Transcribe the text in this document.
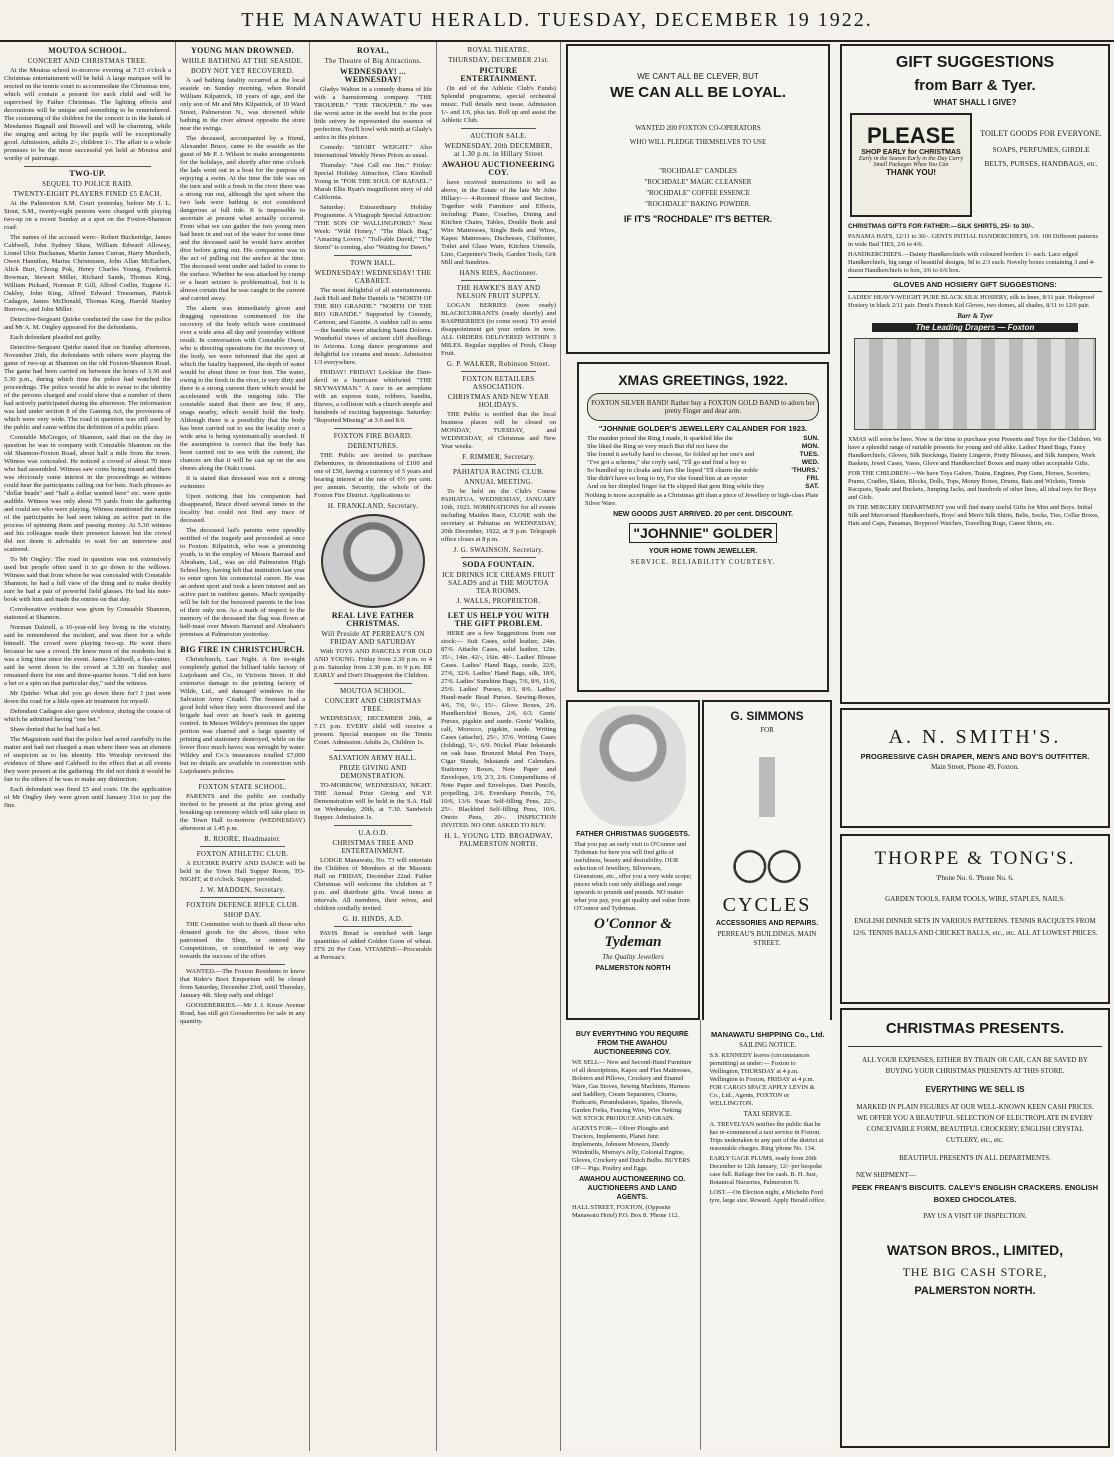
THE MANAWATU HERALD. TUESDAY, DECEMBER 19 1922.
MOUTOA SCHOOL.
CONCERT AND CHRISTMAS TREE.

At the Moutoa school to-morrow evening at 7.15 o'clock a Christmas entertainment will be held. A large marquee will be erected on the tennis court to accommodate the Christmas tree, which will contain a present for each child and will be supervised by Father Christmas. The lighting effects and decorations will be unique and something to be remembered. The costuming of the children for the concert is in the hands of Mesdames Bagnall and Boswell and will be charming, while the singing and acting by the pupils will be exceptionally good. Admission, adults 2/-, children 1/-. The affair is a whole promises to be the most successful yet held at Moutoa and worthy of patronage.

TWO-UP.
SEQUEL TO POLICE RAID.
TWENTY-EIGHT PLAYERS FINED £5 EACH.

At the Palmerston S.M. Court yesterday, before Mr J. L. Stout, S.M., twenty-eight persons were charged with playing two-up on a recent Sunday at a spot on the Foxton-Shannon road.

The names of the accused were:- Robert Buckeridge, James Caldwell, John Sydney Shaw, William Edward Alloway, Lionel Ulric Buchanan, Martin James Curran, Harry Murdoch, Owen Hannifan, Marius Christensen, John Allan McEachen, Alick Burr, Chong Pok, Henry Charles Young, Frederick Bowman, Stewart Miller, Richard Sands, Thomas King, William Pickard, Norman P. Gill, Alfred Codlin, Eugene G. Oakley, John King, Alfred Edward Tresseman, Patrick Cadagon, James McDonald, Thomas King, Harold Stanley Burrows, and John Miller.

Detective-Sergeant Quirke conducted the case for the police and Mr A. M. Ongley appeared for the defendants.

Each defendant pleaded not guilty.

Detective-Sergeant Quirke stated that on Sunday afternoon, November 26th, the defendants with others were playing the game of two-up at Shannon on the old Foxton-Shannon Road. The game had been carried on between the hours of 3.30 and 5.30 p.m., during which time the police had watched the proceedings. The police would be able to swear to the identity of the persons charged and could show that a number of them had actively participated during the afternoon. The information was laid under section 8 of the Gaming Act, the provisions of which were very wide. The road in question was still used by the public and came within the definition of a public place.

Constable McGregor, of Shannon, said that on the day in question he was in company with Constable Shannon on the old Shannon-Foxton Road, about half a mile from the town. Witness was concealed. He noticed a crowd of about 70 men who had assembled. Witness saw coins being tossed and there was obviously some interest in the proceedings as witness could hear the participants calling out for bets. Such phrases as "dollar heads" and "half a dollar wanted here" etc. were quite audible. Witness was only about 75 yards from the gathering and could see who were playing. Witness mentioned the names of the participants he had seen taking an active part in the process of spinning them and passing money. At 5.30 witness and his colleague made their presence known but the crowd did not deem it advisable to wait for an interview and scattered.

To Mr Ongley: The road in question was not extensively used but people often used it to go down to the willows. Witness said that from where he was concealed with Constable Shannon, he had a full view of the thing and to make doubly sure he had a pair of powerful field glasses. He had his note-book with him and made the entries on that day.

Corroborative evidence was given by Constable Shannon, stationed at Shannon.

Norman Dalziell, a 16-year-old boy living in the vicinity, said he remembered the incident, and was there for a while himself. The crowd were playing two-up. He went there because he saw a crowd. He knew most of the residents but it was a long time since the event. James Caldwell, a flax-cutter, said he went down to the crowd at 3.30 on Sunday and remained there for one and three-quarter hours. "I did not have a bet or a spin on that particular day," said the witness.

Mr Quirke: What did you go down there for? I just went down the road for a little open air treatment for myself.

Defendant Cadagon also gave evidence, during the course of which he admitted having "one bet."

Shaw denied that he had had a bet.

The Magistrate said that the police had acted carefully in the matter and had not charged a man where there was an element of suspicion as to his identity. His Worship reviewed the evidence of Shaw and Caldwell to the effect that at all events they were present at the gathering. He did not think it would be fair to the others if he was to make any distinction.

Each defendant was fined £5 and costs. On the application of Mr Ongley they were given until January 31st to pay the fine.

YOUNG MAN DROWNED.
WHILE BATHING AT THE SEASIDE.
BODY NOT YET RECOVERED.

A sad bathing fatality occurred at the local seaside on Sunday morning, when Ronald William Kilpatrick, 18 years of age, and the only son of Mr and Mrs Kilpatrick, of 10 Ward Street, Palmerston N., was drowned while bathing in the river almost opposite the store near the swings.

The deceased, accompanied by a friend, Alexander Bruce, came to the seaside as the guest of Mr P. J. Wilson to make arrangements for the holidays, and shortly after nine o'clock the lads went out in a boat for the purpose of enjoying a swim. At the time the tide was on the turn and with a fresh in the river there was a strong run out, although the spot where the two lads were bathing is not considered dangerous at full tide. It is impossible to ascertain at present what actually occurred. From what we can gather the two young men had been in and out of the water for some time and the deceased said he would have another dive before going out. His companion was in the act of pulling out the anchor at the time. The deceased went under and failed to come to the surface. Whether he was attacked by cramp or a heart seizure is problematical, but it is almost certain that he was caught in the current and carried away.

The alarm was immediately given and dragging operations commenced for the recovery of the body which were continued over a wide area all day and yesterday without result. In conversation with Constable Owen, who is directing operations for the recovery of the body, we were informed that the spot at which the fatality happened, the depth of water would be about three or four feet. The water, owing to the fresh in the river, is very dirty and there is a strong current there which would be accelerated with the outgoing tide. The constable stated that there are few, if any, snags nearby, which would hold the body. Although there is a possibility that the body has been carried out to sea the locality over a wide area is being systematically searched. If the assumption is correct that the body has been carried out to sea with the current, the chances are that it will be cast up on the sea shores along the Otaki coast.

It is stated that deceased was not a strong swimmer.

Upon noticing that his companion had disappeared, Bruce dived several times in the locality but could not find any trace of deceased.

The deceased lad's parents were speedily notified of the tragedy and proceeded at once to Foxton. Kilpatrick, who was a promising youth, is in the employ of Messrs Barraud and Abraham, Ltd., was an old Palmerston High School boy, having left that institution last year to enter upon his commercial career. He was an ardent sport and took a keen interest and an active part in outdoor games. Much sympathy will be felt for the bereaved parents in the loss of their only son. As a mark of respect to the memory of the deceased the flag was flown at half-mast over Messrs Barraud and Abraham's premises at Palmerston yesterday.

BIG FIRE IN CHRISTCHURCH.

Christchurch, Last Night. A fire to-night completely gutted the billiard table factory of Lutjohann and Co., in Victoria Street. It did extensive damage to the printing factory of Wilde, Ltd., and damaged windows in the Salvation Army Citadel. The firemen had a good hold when they were discovered and the brigade had over an hour's task in gaining control. In Messrs Wildey's premises the upper portion was charred and a large quantity of printing and stationery destroyed, while on the lower floor much havoc was wrought by water. Wildey and Co.'s insurances totalled £7,000 but no details are available in connection with Lutjohann's policies.

FOXTON STATE SCHOOL.

PARENTS and the public are cordially invited to be present at the prize giving and breaking-up ceremony which will take place in the Town Hall to-morrow (WEDNESDAY) afternoon at 1.45 p.m.

R. ROORE, Headmaster.
FOXTON ATHLETIC CLUB.

A EUCHRE PARTY AND DANCE will be held in the Town Hall Supper Room, TO-NIGHT, at 8 o'clock. Supper provided.

J. W. MADDEN, Secretary.
FOXTON DEFENCE RIFLE CLUB.
SHOP DAY.

THE Committee wish to thank all those who donated goods for the above, those who patronised the Shop, or entered the Competitions, or contributed in any way towards the success of the effort.

WANTED.—The Foxton Residents to know that Rider's Boot Emporium will be closed from Saturday, December 23rd, until Thursday, January 4th. Shop early and oblige!

GOOSEBERRIES.—Mr J. J. Kruze Avenue Road, has still got Gooseberries for sale in any quantity.

ROYAL,
The Theatre of Big Attractions.
WEDNESDAY! ... WEDNESDAY!

Gladys Walton in a comedy drama of life with a barnstorming company. "THE TROUPER." "THE TROUPER." He was the worst actor in the world but to the poor little snivey he represented the essence of perfection. You'll howl with mirth at Glady's antics in this picture.

Comedy: "SHORT WEIGHT." Also International Weekly News Prices as usual.

Thursday: "Just Call me Jim." Friday: Special Holiday Attraction, Clara Kimball Young in "FOR THE SOUL OF RAFAEL." Marah Ellis Ryan's magnificent story of old California.

Saturday: Extraordinary Holiday Programme. A Vitagraph Special Attraction: "THE SON OF WALLINGFORD." Next Week: "Wild Honey," "The Black Bag," "Amazing Lovers," "Toll-able David," "The Storm" is coming, also "Waiting for Dawn."

TOWN HALL.
WEDNESDAY! WEDNESDAY! THE CABARET.

The most delightful of all entertainments. Jack Holt and Bebe Daniels in "NORTH OF THE RIO GRANDE." "NORTH OF THE RIO GRANDE." Supported by Comedy, Cartoon, and Gazette. A sudden call to arms—the bandits were attacking Santa Dolores. Wonderful views of ancient cliff dwellings in Arizona. Long dance programme and delightful ice creams and music. Admission 1/3 everywhere.

FRIDAY! FRIDAY! Locklear the Dare-devil in a hurricane whirlwind "THE SKYWAYMAN." A race in an aeroplane with an express train, robbers, bandits, thieves, a collision with a church steeple and hundreds of exciting happenings. Saturday: "Reported Missing" at 3.0 and 8.0.

FOXTON FIRE BOARD.
DEBENTURES.

THE Public are invited to purchase Debentures, in denominations of £100 and one of £50, having a currency of 5 years and bearing interest at the rate of 6½ per cent. per annum. Security, the whole of the Foxton Fire District. Applications to

H. FRANKLAND, Secretary.
REAL LIVE FATHER CHRISTMAS.
Will Preside AT PERREAU'S ON FRIDAY AND SATURDAY

With TOYS AND PARCELS FOR OLD AND YOUNG. Friday from 2.30 p.m. to 4 p.m. Saturday from 2.30 p.m. to 9 p.m. BE EARLY and Don't Disappoint the Children.

MOUTOA SCHOOL.
CONCERT AND CHRISTMAS TREE.

WEDNESDAY, DECEMBER 20th, at 7.15 p.m. EVERY child will receive a present. Special marquee on the Tennis Court. Admission: Adults 2s, Children 1s.

SALVATION ARMY HALL.
PRIZE GIVING AND DEMONSTRATION.

TO-MORROW, WEDNESDAY, NIGHT. THE Annual Prize Giving and Y.P. Demonstration will be held in the S.A. Hall on Wednesday, 20th, at 7.30. Sandwich Supper. Admission 1s.

U.A.O.D.
CHRISTMAS TREE AND ENTERTAINMENT.

LODGE Manawatu, No. 73 will entertain the Children of Members at the Masonic Hall on FRIDAY, December 22nd. Father Christmas will welcome the children at 7 p.m. and distribute gifts. Vocal items at intervals. All members, their wives, and children cordially invited.

G. H. HINDS, A.D.

PAVIS Bread is enriched with large quantities of added Golden Goon of wheat. IT'S 20 Per Cent. VITAMINE—Procurable at Perreau's.

ROYAL THEATRE.
THURSDAY, DECEMBER 21st.
PICTURE ENTERTAINMENT.

(In aid of the Athletic Club's Funds) Splendid programme, special orchestral music. Full details next issue. Admission 1/- and 1/6, plus tax. Roll up and assist the Athletic Club.

AUCTION SALE.
WEDNESDAY, 20th DECEMBER, at 1.30 p.m. in Hillary Street
AWAHOU AUCTIONEERING COY.

have received instructions to sell as above, in the Estate of the late Mr John Hillary:— 4-Roomed House and Section, Together with Furniture and Effects, including: Piano, Couches, Dining and Kitchen Chairs, Tables, Double Beds and Wire Mattresses, Single Beds and Wires, Kapoc Mattresses, Duchesses, Chiffonier, Toilet and Glass Ware, Kitchen Utensils, Lino, Carpenter's Tools, Garden Tools, Grit Mill and Sundries.

HANS RIES, Auctioneer.
THE HAWKE'S BAY AND NELSON FRUIT SUPPLY.

LOGAN BERRIES (now ready) BLACKCURRANTS (ready shortly) and RASPBERRIES (to come soon). TO avoid disappointment get your orders in now. ALL ORDERS DELIVERED WITHIN 3 MILES. Regular supplies of Fresh, Cheap Fruit.

G. P. WALKER, Robinson Street.
FOXTON RETAILERS ASSOCIATION.
CHRISTMAS AND NEW YEAR HOLIDAYS.

THE Public is notified that the local business places will be closed on MONDAY, TUESDAY, and WEDNESDAY, of Christmas and New Year weeks.

F. RIMMER, Secretary.
PAHIATUA RACING CLUB.
ANNUAL MEETING.

To be held on the Club's Course PAHIATUA. WEDNESDAY, JANUARY 10th, 1923. NOMINATIONS for all events including Maiden Race, CLOSE with the secretary at Pahiatua on WEDNESDAY, 20th December, 1922, at 9 p.m. Telegraph office closes at 8 p.m.

J. G. SWAINSON, Secretary.
SODA FOUNTAIN.
ICE DRINKS ICE CREAMS FRUIT SALADS and at THE MOUTOA TEA ROOMS.
J. WALLS, PROPRIETOR.
LET US HELP YOU WITH THE GIFT PROBLEM.

HERE are a few Suggestions from our stock:— Suit Cases, solid leather, 24in. 87/6. Attache Cases, solid leather, 12in. 35/-, 14in. 42/-, 16in. 48/-. Ladies' Blouse Cases. Ladies' Hand Bags, suede, 22/6, 27/6, 32/6. Ladies' Hand Bags, silk, 18/6, 27/6. Ladies' Sunshine Bags, 7/6, 8/6, 11/6, 25/6. Ladies' Purses, 8/3, 8/6. Ladies' Hand-made Bead Purses. Sewing-Boxes, 4/6, 7/6, 9/-, 15/-. Glove Boxes, 2/6. Handkerchief Boxes, 2/6, 6/3. Gents' Purses, pigskin and suede. Gents' Wallets, calf, Morocco, pigskin, suede. Writing Cases (attache), 25/-, 37/6. Writing Cases (folding), 5/-, 6/9. Nickel Plate Inkstands on oak base. Bronzed Metal Pen Trays, Cigar Stands, Inkstands and Calendars. Stationery Boxes, Note Paper and Envelopes, 1/9, 2/3, 2/6. Compendiums of Note Paper and Envelopes. Dart Pencils, propelling, 2/6. Eversharp Pencils, 7/6, 10/6, 13/6. Swan Self-filling Pens, 22/-, 25/-. Blackbird Self-filling Pens, 10/6. Onoto Pens, 20/-. INSPECTION INVITED. NO ONE ASKED TO BUY.

H. L. YOUNG LTD. BROADWAY, PALMERSTON NORTH.

WE CAN'T ALL BE CLEVER, BUT

WE CAN ALL BE LOYAL.

WANTED 200 FOXTON CO-OPERATORS WHO WILL PLEDGE THEMSELVES TO USE

"ROCHDALE" CANDLES

"ROCHDALE" MAGIC CLEANSER

"ROCHDALE" COFFEE ESSENCE

"ROCHDALE" BAKING POWDER.

IF IT'S "ROCHDALE" IT'S BETTER.

XMAS GREETINGS, 1922.

FOXTON SILVER BAND! Rather buy a FOXTON GOLD BAND to adorn her pretty Finger and dear arm.

"JOHNNIE GOLDER'S JEWELLERY CALANDER FOR 1923.

The maiden prized the Ring I made, It sparkled like the	SUN.
She liked the Ring so very much But did not have the	MON.
She found it awfully hard to choose, So folded up her one's and	TUES.
"I've got a scheme," she coyly said, "I'll go and find a boy to	WED.
So bundled up in cloaks and furs She lisped "I'll charm the noble	'THURS.'
She didn't have so long to try, For she found him at an oyster	FRI.
And on her dimpled finger fat He slipped that gem Ring while they	SAT.

Nothing is more acceptable as a Christmas gift than a piece of Jewellery or high-class Plate Silver Ware.

NEW GOODS JUST ARRIVED. 20 per cent. DISCOUNT.

"JOHNNIE" GOLDER

YOUR HOME TOWN JEWELLER.

SERVICE. RELIABILITY COURTESY.

FATHER CHRISTMAS SUGGESTS.

That you pay an early visit to O'Connor and Tydeman for here you will find gifts of usefulness, beauty and desirability. OUR selection of Jewellery, Silverware, Greenstone, etc., offer you a very wide scope; pieces which cost only shillings and range upwards to pounds and pounds. NO matter what you pay, you get quality and value from O'Connor and Tydeman.

O'Connor & Tydeman

The Quality Jewellers

PALMERSTON NORTH

G. SIMMONS

FOR

CYCLES

ACCESSORIES AND REPAIRS.

PERREAU'S BUILDINGS, MAIN STREET.

BUY EVERYTHING YOU REQUIRE FROM THE AWAHOU AUCTIONEERING COY.

WE SELL— New and Second-Hand Furniture of all descriptions, Kapoc and Flax Mattresses, Bolsters and Pillows, Crockery and Enamel Ware, Gas Stoves, Sewing Machines, Harness and Saddlery, Cream Separators, Churns, Pushcarts, Perambulators, Spades, Shovels, Garden Forks, Fencing Wire, Wire Netting. WE STOCK PRODUCE AND GRAIN.

AGENTS FOR— Oliver Ploughs and Tractors, Implements, Planet Junr. Implements, Johnson Mowers, Dandy Windmills, Murray's Jelly, Colonial Engine, Gloves, Crockery and Dutch Bulbs. BUYERS OF— Pigs, Poultry and Eggs.

AWAHOU AUCTIONEERING CO. AUCTIONEERS AND LAND AGENTS.

HALL STREET, FOXTON, (Opposite Manawatu Hotel) P.O. Box 8. 'Phone 112.

MANAWATU SHIPPING Co., Ltd.

SAILING NOTICE.

S.S. KENNEDY leaves (circumstances permitting) as under:— Foxton to Wellington, THURSDAY at 4 p.m. Wellington to Foxton, FRIDAY at 4 p.m. FOR CARGO SPACE APPLY LEVIN & Co., Ltd., Agents, FOXTON or WELLINGTON.

TAXI SERVICE.

A. TREVELYAN notifies the public that he has re-commenced a taxi service in Foxton. Trips undertaken to any part of the district at reasonable charges. Ring 'phone No. 134.

EARLY GAGE PLUMS, ready from 20th December to 12th January, 12/- per bespoke case full. Railage free for cash. B. H. Just, Botanical Nurseries, Palmerston N.

LOST.—On Election night, a Michelin Ford tyre, large size. Reward. Apply Herald office.

GIFT SUGGESTIONS

from Barr & Tyer.

WHAT SHALL I GIVE?

PLEASE
SHOP EARLY for CHRISTMAS
Early in the Season Early in the Day Carry Small Packages When You Can
THANK YOU!

TOILET GOODS FOR EVERYONE.

SOAPS, PERFUMES, GIRDLE BELTS, PURSES, HANDBAGS, etc.

CHRISTMAS GIFTS FOR FATHER:—SILK SHIRTS, 25/- to 30/-.

PANAMA HATS, 12/11 to 30/-. GENTS INITIAL HANDERCHIEFS, 1/9. 100 Different patterns in wide Bad TIES, 2/6 to 4/6.

HANDKERCHIEFS.—Dainty Handkerchiefs with coloured borders 1/- each. Lace edged Handkerchiefs, big range of beautiful designs, 9d to 2/3 each. Novelty boxes containing 3 and 4-dozen Handkerchiefs to box, 3/6 to 6/6 box.

GLOVES AND HOSIERY GIFT SUGGESTIONS:

LADIES' HEAVY-WEIGHT PURE BLACK SILK HOSIERY, silk to knee, 8/11 pair. Holeproof Hosiery in black 2/11 pair. Dent's French Kid Gloves, two domes, all shades, 8/11 to 12/6 pair.

Barr & Tyer

The Leading Drapers — Foxton

XMAS will soon be here. Now is the time to purchase your Presents and Toys for the Children. We have a splendid range of suitable presents for young and old alike. Ladies' Hand Bags, Fancy Handkerchiefs, Gloves, Silk Stockings, Dainty Lingerie, Pretty Blouses, and Silk Jumpers, Work Baskets, Jewel Cases, Vases, Glove and Handkerchief Boxes and many other acceptable Gifts.

FOR THE CHILDREN:—We have Toys Galore, Trains, Engines, Pop Guns, Horses, Scooters, Prams, Cradles, Slates, Blocks, Dolls, Tops, Money Boxes, Drums, Bats and Wickets, Tennis Racquets, Spade and Buckets, Jumping Jacks, and hundreds of other lines, all ideal toys for Boys and Girls.

IN THE MERCERY DEPARTMENT you will find many useful Gifts for Men and Boys. Initial Silk and Mercerised Handkerchiefs, Boys' and Men's Silk Shirts, Belts, Socks, Ties, Collar Boxes, Hats and Caps, Panamas, Boyproof Watches, Travelling Rugs, Canoe Shirts, etc.

A. N. SMITH'S.

PROGRESSIVE CASH DRAPER, MEN'S AND BOY'S OUTFITTER.

Main Street, Phone 49, Foxton.

THORPE & TONG'S.

'Phone No. 6. 'Phone No. 6.

GARDEN TOOLS, FARM TOOLS, WIRE, STAPLES, NAILS.

ENGLISH DINNER SETS IN VARIOUS PATTERNS. TENNIS RACQUETS FROM 12/6. TENNIS BALLS AND CRICKET BALLS, etc., etc. ALL AT LOWEST PRICES.

CHRISTMAS PRESENTS.

ALL YOUR EXPENSES, EITHER BY TRAIN OR CAR, CAN BE SAVED BY BUYING YOUR CHRISTMAS PRESENTS AT THIS STORE.

EVERYTHING WE SELL IS

MARKED IN PLAIN FIGURES AT OUR WELL-KNOWN KEEN CASH PRICES. WE OFFER YOU A BEAUTIFUL SELECTION OF ELECTROPLATE IN EVERY CONCEIVABLE FORM, BEAUTIFUL CROCKERY, ENGLISH CRYSTAL CUTLERY, etc., etc.

BEAUTIFUL PRESENTS IN ALL DEPARTMENTS.

NEW SHIPMENT—

PEEK FREAN'S BISCUITS. CALEY'S ENGLISH CRACKERS. ENGLISH BOXED CHOCOLATES.

PAY US A VISIT OF INSPECTION.

WATSON BROS., LIMITED,

THE BIG CASH STORE,

PALMERSTON NORTH.
